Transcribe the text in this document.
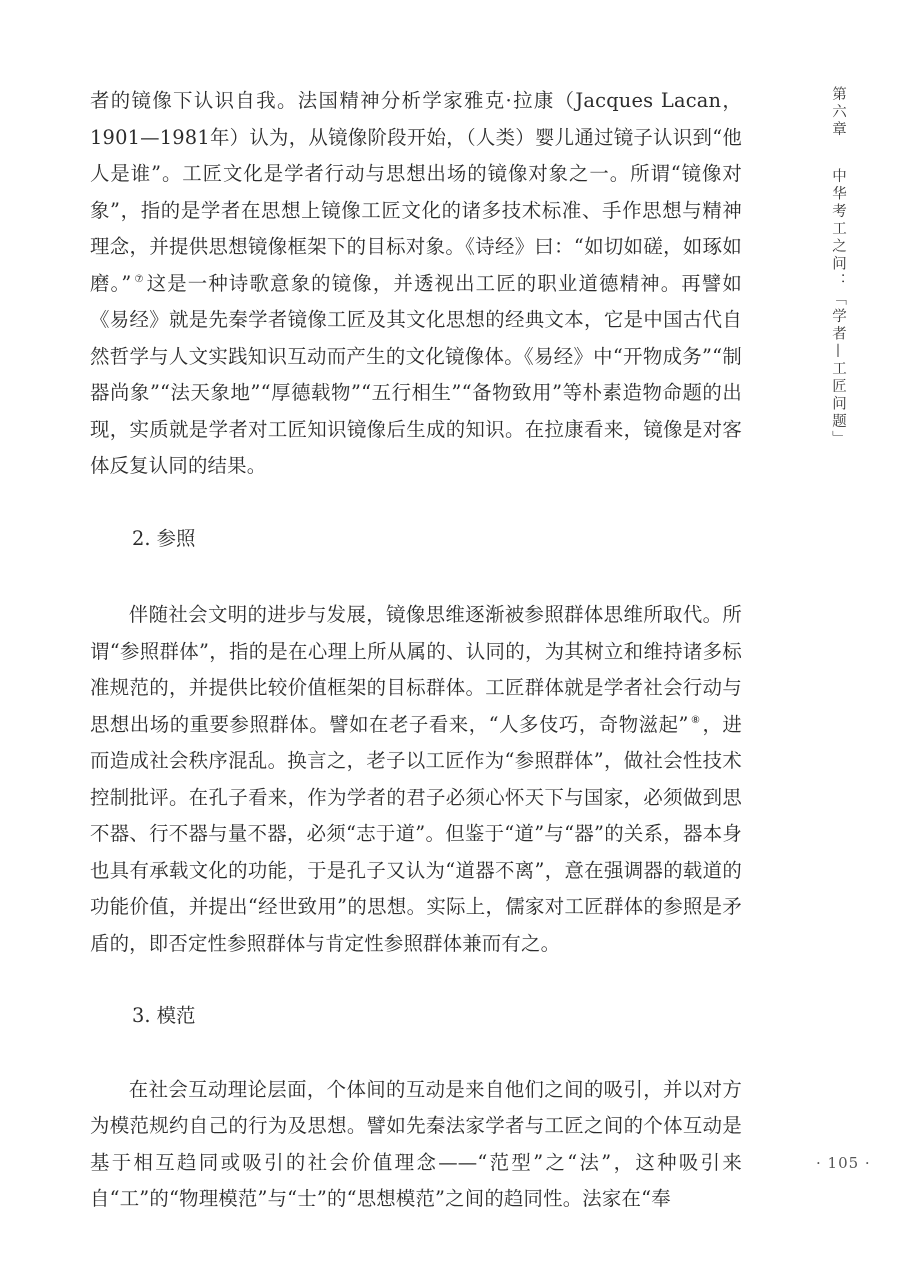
者的镜像下认识自我。法国精神分析学家雅克·拉康（Jacques Lacan，1901—1981年）认为，从镜像阶段开始，（人类）婴儿通过镜子认识到“他人是谁”。工匠文化是学者行动与思想出场的镜像对象之一。所谓“镜像对象”，指的是学者在思想上镜像工匠文化的诸多技术标准、手作思想与精神理念，并提供思想镜像框架下的目标对象。《诗经》曰：“如切如磋，如琢如磨。” ⑦ 这是一种诗歌意象的镜像，并透视出工匠的职业道德精神。再譬如《易经》就是先秦学者镜像工匠及其文化思想的经典文本，它是中国古代自然哲学与人文实践知识互动而产生的文化镜像体。《易经》中“开物成务”“制器尚象”“法天象地”“厚德载物”“五行相生”“备物致用”等朴素造物命题的出现，实质就是学者对工匠知识镜像后生成的知识。在拉康看来，镜像是对客体反复认同的结果。

2. 参照

伴随社会文明的进步与发展，镜像思维逐渐被参照群体思维所取代。所谓“参照群体”，指的是在心理上所从属的、认同的，为其树立和维持诸多标准规范的，并提供比较价值框架的目标群体。工匠群体就是学者社会行动与思想出场的重要参照群体。譬如在老子看来，“人多伎巧，奇物滋起” ⑧ ，进而造成社会秩序混乱。换言之，老子以工匠作为“参照群体”，做社会性技术控制批评。在孔子看来，作为学者的君子必须心怀天下与国家，必须做到思不器、行不器与量不器，必须“志于道”。但鉴于“道”与“器”的关系，器本身也具有承载文化的功能，于是孔子又认为“道器不离”，意在强调器的载道的功能价值，并提出“经世致用”的思想。实际上，儒家对工匠群体的参照是矛盾的，即否定性参照群体与肯定性参照群体兼而有之。

3. 模范

在社会互动理论层面，个体间的互动是来自他们之间的吸引，并以对方为模范规约自己的行为及思想。譬如先秦法家学者与工匠之间的个体互动是基于相互趋同或吸引的社会价值理念——“范型”之“法”，这种吸引来自“工”的“物理模范”与“士”的“思想模范”之间的趋同性。法家在“奉

第六章 中华考工之问：「学者—工匠问题」
· 105 ·
